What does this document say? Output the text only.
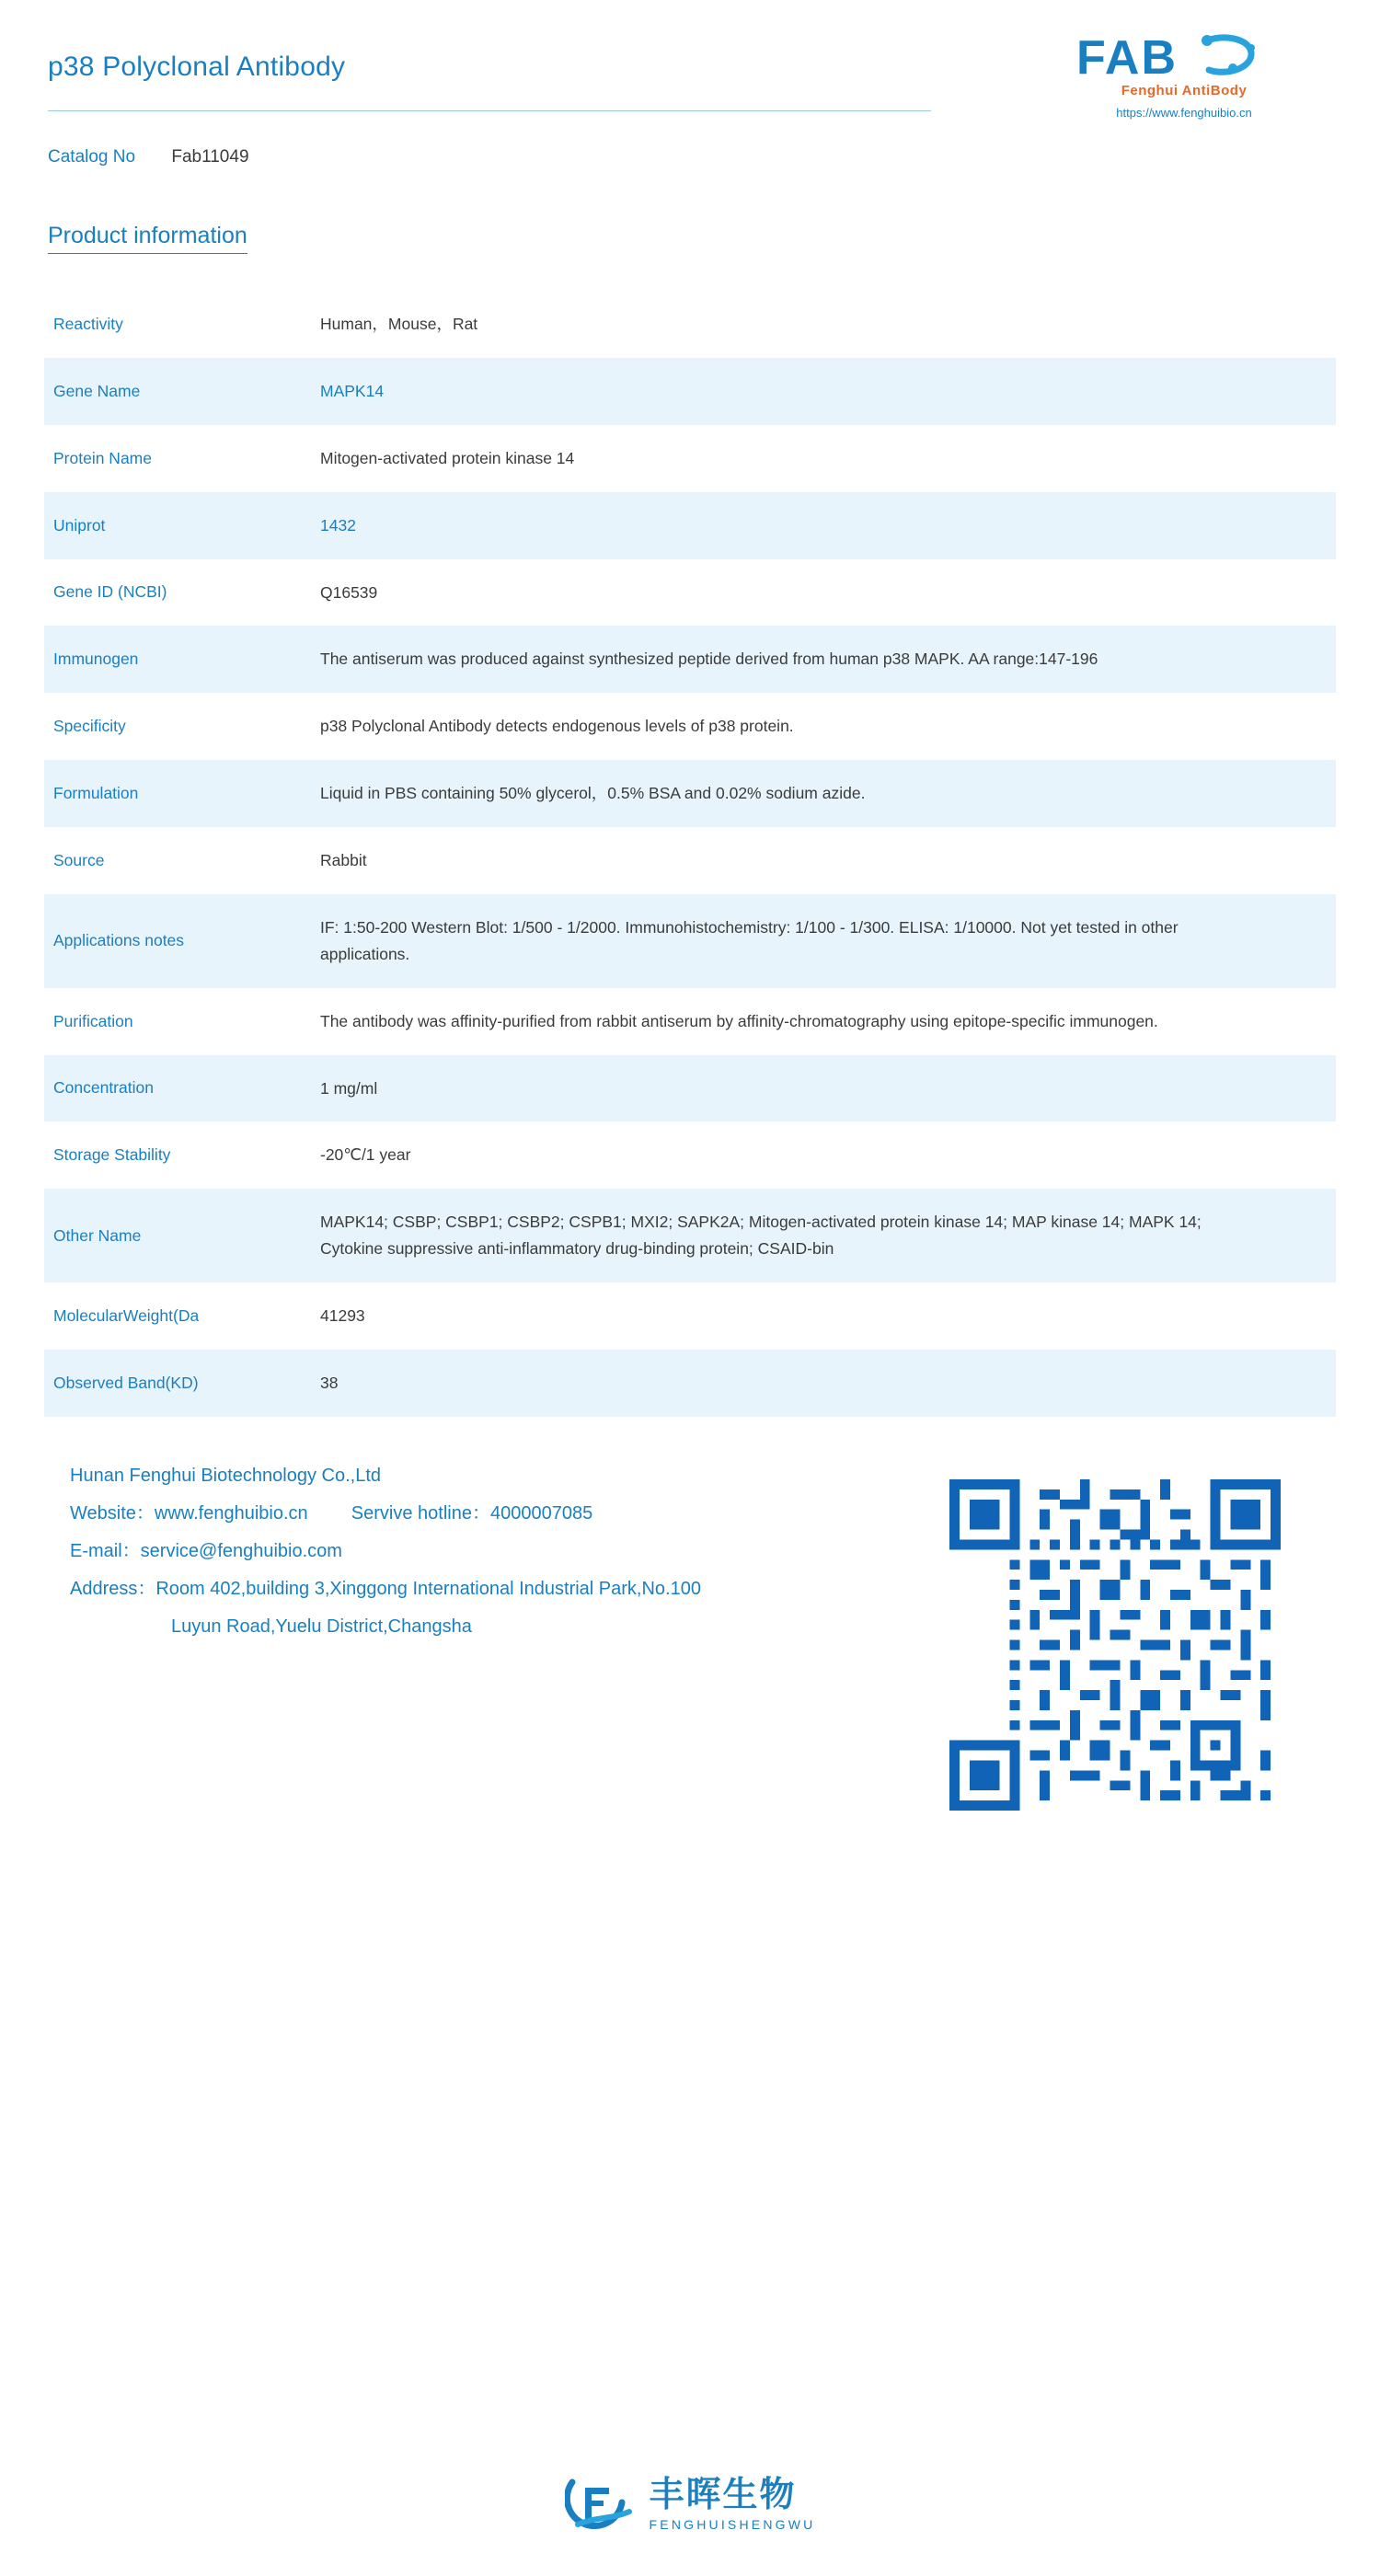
p38 Polyclonal Antibody	FAB
Fenghui AntiBody
https://www.fenghuibio.cn
Catalog No Fab11049
Product information
Reactivity	Human，Mouse，Rat
Gene Name	MAPK14
Protein Name	Mitogen-activated protein kinase 14
Uniprot	1432
Gene ID (NCBI)	Q16539
Immunogen	The antiserum was produced against synthesized peptide derived from human p38 MAPK. AA range:147-196
Specificity	p38 Polyclonal Antibody detects endogenous levels of p38 protein.
Formulation	Liquid in PBS containing 50% glycerol，0.5% BSA and 0.02% sodium azide.
Source	Rabbit
Applications notes	IF: 1:50-200 Western Blot: 1/500 - 1/2000. Immunohistochemistry: 1/100 - 1/300. ELISA: 1/10000. Not yet tested in other applications.
Purification	The antibody was affinity-purified from rabbit antiserum by affinity-chromatography using epitope-specific immunogen.
Concentration	1 mg/ml
Storage Stability	-20℃/1 year
Other Name	MAPK14; CSBP; CSBP1; CSBP2; CSPB1; MXI2; SAPK2A; Mitogen-activated protein kinase 14; MAP kinase 14; MAPK 14; Cytokine suppressive anti-inflammatory drug-binding protein; CSAID-bin
MolecularWeight(Da	41293
Observed Band(KD)	38
Hunan Fenghui Biotechnology Co.,Ltd
Website：www.fenghuibio.cn Servive hotline：4000007085
E-mail：service@fenghuibio.com
Address：Room 402,building 3,Xinggong International Industrial Park,No.100
Luyun Road,Yuelu District,Changsha
丰晖生物
FENGHUISHENGWU
